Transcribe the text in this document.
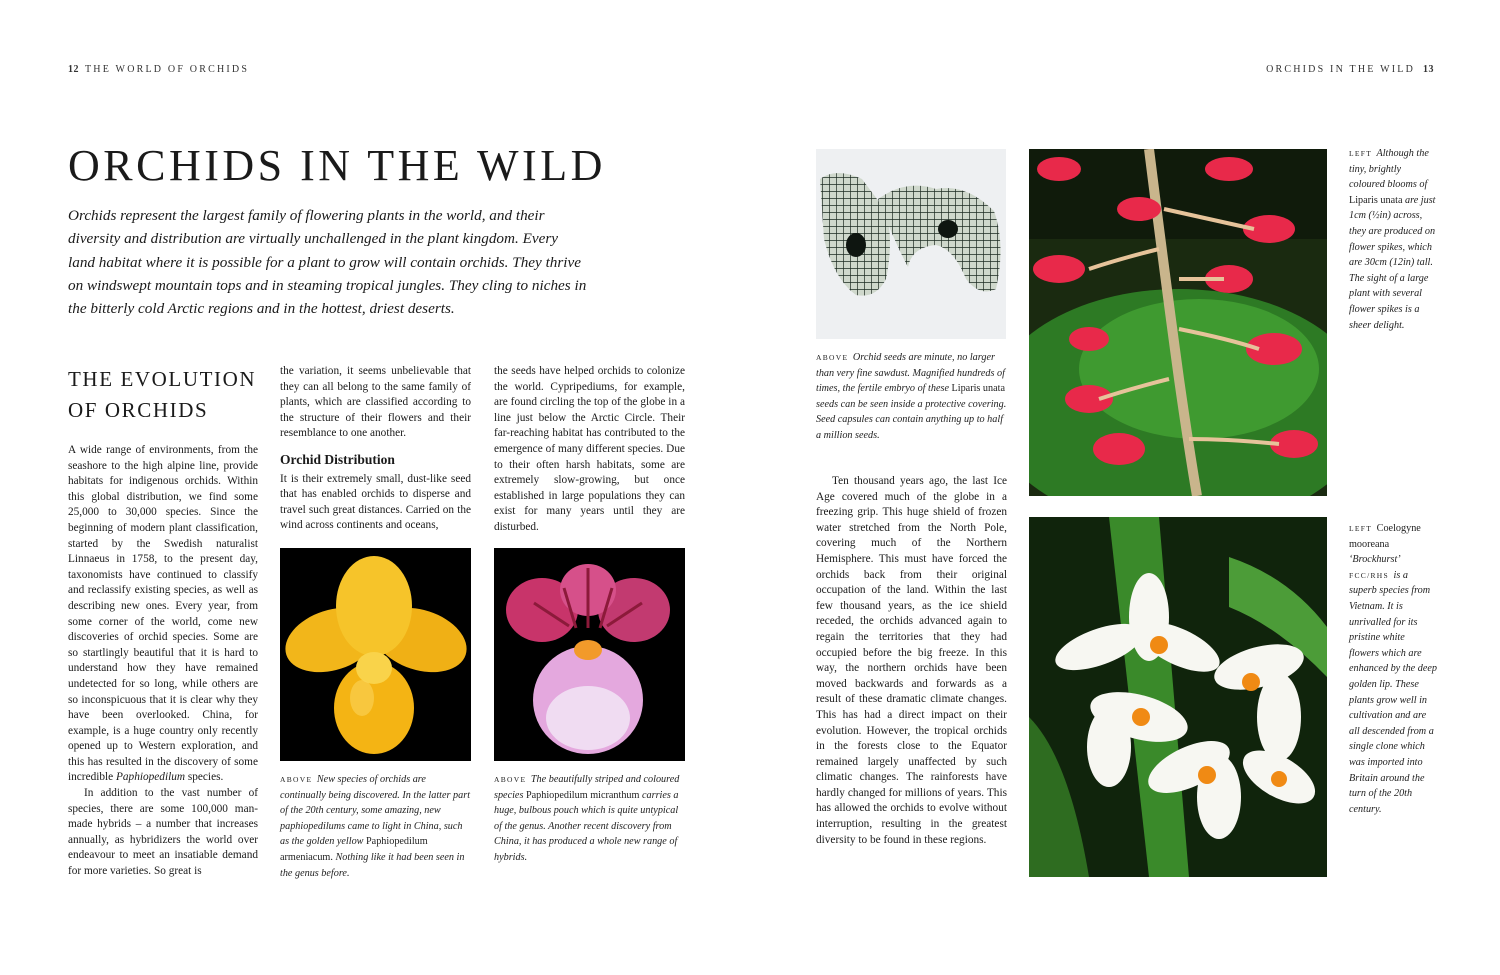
12 THE WORLD OF ORCHIDS	ORCHIDS IN THE WILD 13
ORCHIDS IN THE WILD

Orchids represent the largest family of flowering plants in the world, and their diversity and distribution are virtually unchallenged in the plant kingdom. Every land habitat where it is possible for a plant to grow will contain orchids. They thrive on windswept mountain tops and in steaming tropical jungles. They cling to niches in the bitterly cold Arctic regions and in the hottest, driest deserts.

THE EVOLUTION
OF ORCHIDS

A wide range of environments, from the seashore to the high alpine line, provide habitats for indigenous orchids. Within this global distribution, we find some 25,000 to 30,000 species. Since the beginning of modern plant classification, started by the Swedish naturalist Linnaeus in 1758, to the present day, taxonomists have continued to classify and reclassify existing species, as well as describing new ones. Every year, from some corner of the world, come new discoveries of orchid species. Some are so startlingly beautiful that it is hard to understand how they have remained undetected for so long, while others are so inconspicuous that it is clear why they have been overlooked. China, for example, is a huge country only recently opened up to Western exploration, and this has resulted in the discovery of some incredible Paphiopedilum species.

In addition to the vast number of species, there are some 100,000 man-made hybrids – a number that increases annually, as hybridizers the world over endeavour to meet an insatiable demand for more varieties. So great is

the variation, it seems unbelievable that they can all belong to the same family of plants, which are classified according to the structure of their flowers and their resemblance to one another.

Orchid Distribution

It is their extremely small, dust-like seed that has enabled orchids to disperse and travel such great distances. Carried on the wind across continents and oceans,

the seeds have helped orchids to colonize the world. Cypripediums, for example, are found circling the top of the globe in a line just below the Arctic Circle. Their far-reaching habitat has contributed to the emergence of many different species. Due to their often harsh habitats, some are extremely slow-growing, but once established in large populations they can exist for many years until they are disturbed.

ABOVE New species of orchids are continually being discovered. In the latter part of the 20th century, some amazing, new paphiopedilums came to light in China, such as the golden yellow Paphiopedilum armeniacum. Nothing like it had been seen in the genus before.
ABOVE The beautifully striped and coloured species Paphiopedilum micranthum carries a huge, bulbous pouch which is quite untypical of the genus. Another recent discovery from China, it has produced a whole new range of hybrids.
ABOVE Orchid seeds are minute, no larger than very fine sawdust. Magnified hundreds of times, the fertile embryo of these Liparis unata seeds can be seen inside a protective covering. Seed capsules can contain anything up to half a million seeds.

Ten thousand years ago, the last Ice Age covered much of the globe in a freezing grip. This huge shield of frozen water stretched from the North Pole, covering much of the Northern Hemisphere. This must have forced the orchids back from their original occupation of the land. Within the last few thousand years, as the ice shield receded, the orchids advanced again to regain the territories that they had occupied before the big freeze. In this way, the northern orchids have been moved backwards and forwards as a result of these dramatic climate changes. This has had a direct impact on their evolution. However, the tropical orchids in the forests close to the Equator remained largely unaffected by such climatic changes. The rainforests have hardly changed for millions of years. This has allowed the orchids to evolve without interruption, resulting in the greatest diversity to be found in these regions.

LEFT Although the tiny, brightly coloured blooms of Liparis unata are just 1cm (½in) across, they are produced on flower spikes, which are 30cm (12in) tall. The sight of a large plant with several flower spikes is a sheer delight.
LEFT Coelogyne mooreana ‘Brockhurst’ FCC/RHS is a superb species from Vietnam. It is unrivalled for its pristine white flowers which are enhanced by the deep golden lip. These plants grow well in cultivation and are all descended from a single clone which was imported into Britain around the turn of the 20th century.
